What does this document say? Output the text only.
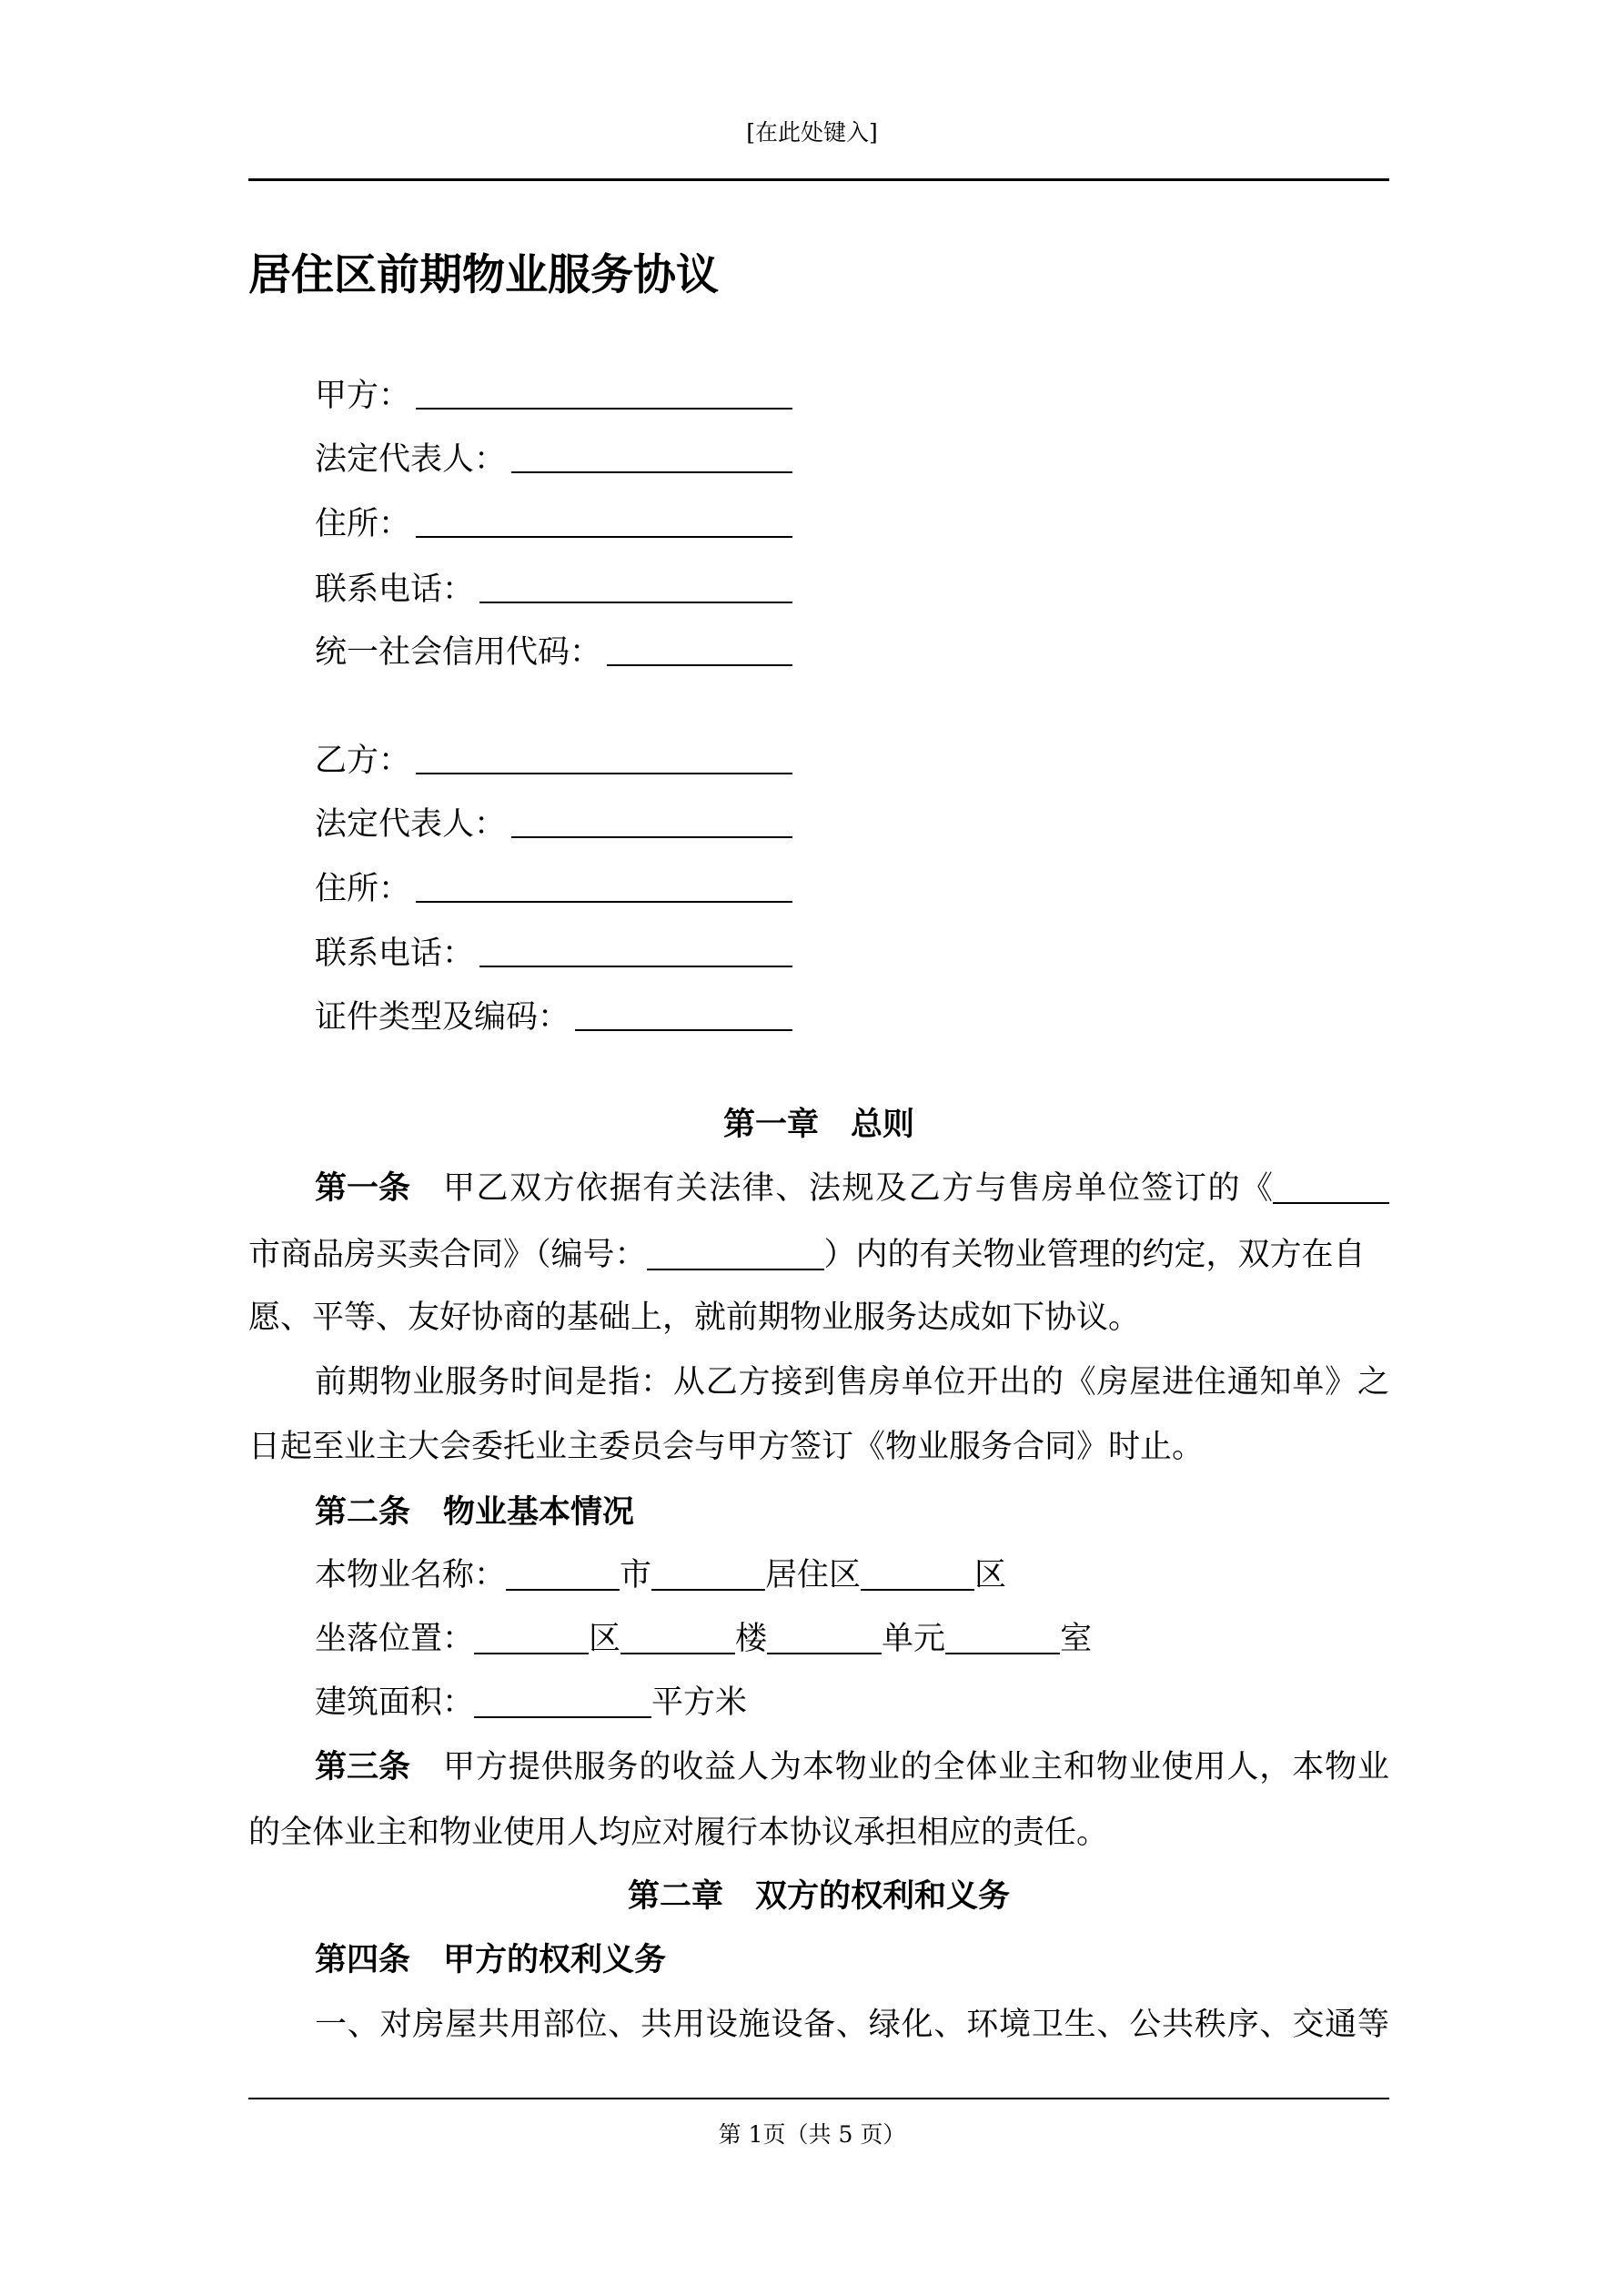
[在此处键入]
居住区前期物业服务协议
甲方：
法定代表人：
住所：
联系电话：
统一社会信用代码：
乙方：
法定代表人：
住所：
联系电话：
证件类型及编码：
第一章　总则
第一条 甲乙双方依据有关法律、法规及乙方与售房单位签订的《
市商品房买卖合同》（编号：	）内的有关物业管理的约定，双方在自
愿、平等、友好协商的基础上，就前期物业服务达成如下协议。
前期物业服务时间是指：从乙方接到售房单位开出的《房屋进住通知单》之
日起至业主大会委托业主委员会与甲方签订《物业服务合同》时止。
第二条 物业基本情况
本物业名称：	市	居住区	区
坐落位置：	区	楼	单元	室
建筑面积：	平方米
第三条 甲方提供服务的收益人为本物业的全体业主和物业使用人，本物业
的全体业主和物业使用人均应对履行本协议承担相应的责任。
第二章　双方的权利和义务
第四条 甲方的权利义务
一、对房屋共用部位、共用设施设备、绿化、环境卫生、公共秩序、交通等
第 1页（共 5 页）
